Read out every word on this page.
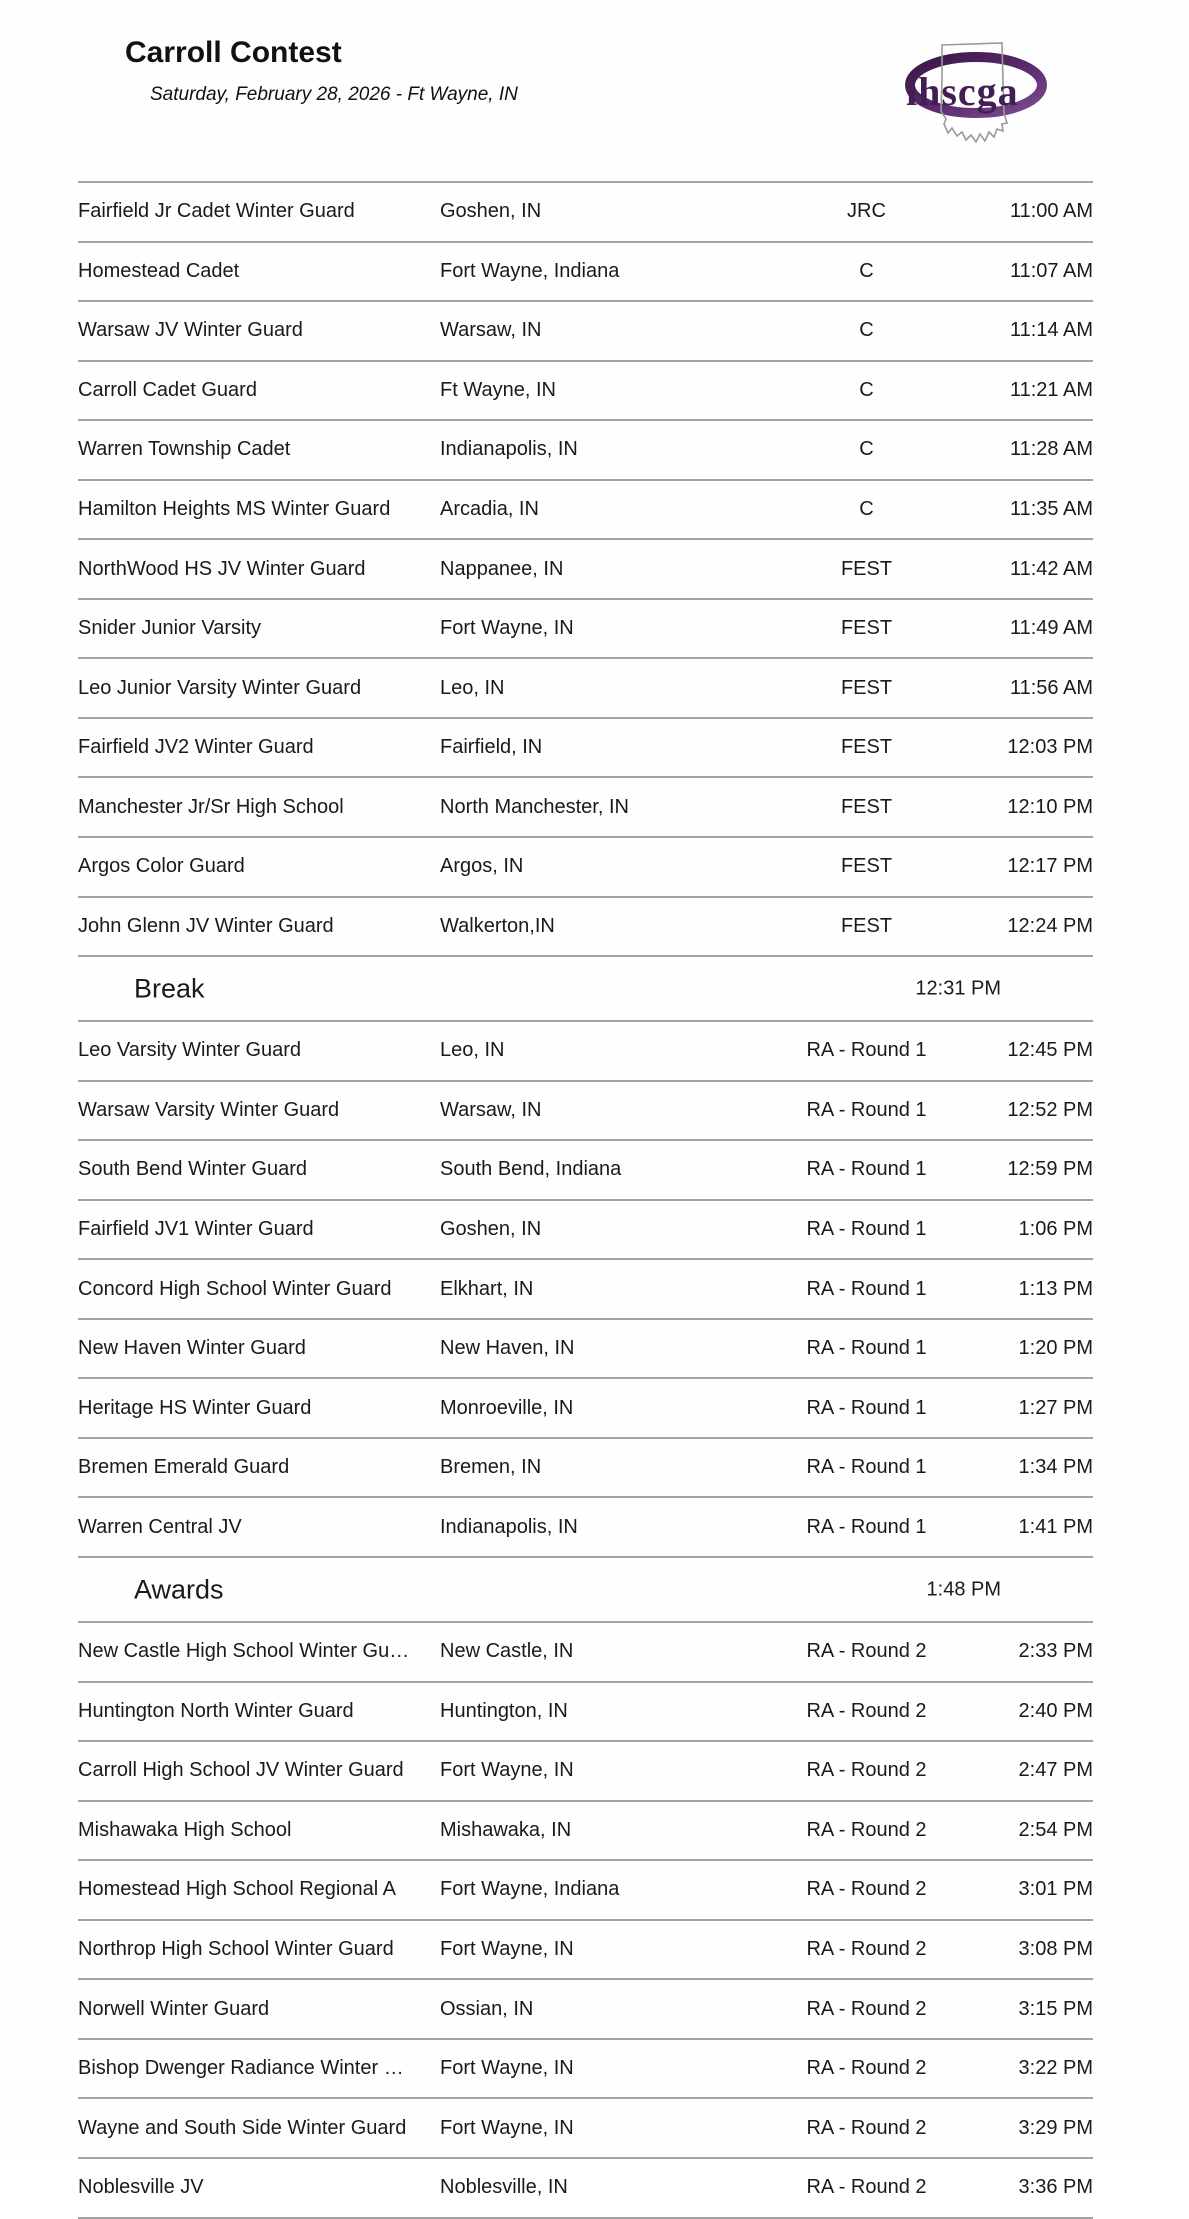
Carroll Contest
Saturday, February 28, 2026 - Ft Wayne, IN	ihscga
Fairfield Jr Cadet Winter Guard	Goshen, IN	JRC	11:00 AM
Homestead Cadet	Fort Wayne, Indiana	C	11:07 AM
Warsaw JV Winter Guard	Warsaw, IN	C	11:14 AM
Carroll Cadet Guard	Ft Wayne, IN	C	11:21 AM
Warren Township Cadet	Indianapolis, IN	C	11:28 AM
Hamilton Heights MS Winter Guard	Arcadia, IN	C	11:35 AM
NorthWood HS JV Winter Guard	Nappanee, IN	FEST	11:42 AM
Snider Junior Varsity	Fort Wayne, IN	FEST	11:49 AM
Leo Junior Varsity Winter Guard	Leo, IN	FEST	11:56 AM
Fairfield JV2 Winter Guard	Fairfield, IN	FEST	12:03 PM
Manchester Jr/Sr High School	North Manchester, IN	FEST	12:10 PM
Argos Color Guard	Argos, IN	FEST	12:17 PM
John Glenn JV Winter Guard	Walkerton,IN	FEST	12:24 PM
Break	12:31 PM
Leo Varsity Winter Guard	Leo, IN	RA - Round 1	12:45 PM
Warsaw Varsity Winter Guard	Warsaw, IN	RA - Round 1	12:52 PM
South Bend Winter Guard	South Bend, Indiana	RA - Round 1	12:59 PM
Fairfield JV1 Winter Guard	Goshen, IN	RA - Round 1	1:06 PM
Concord High School Winter Guard	Elkhart, IN	RA - Round 1	1:13 PM
New Haven Winter Guard	New Haven, IN	RA - Round 1	1:20 PM
Heritage HS Winter Guard	Monroeville, IN	RA - Round 1	1:27 PM
Bremen Emerald Guard	Bremen, IN	RA - Round 1	1:34 PM
Warren Central JV	Indianapolis, IN	RA - Round 1	1:41 PM
Awards	1:48 PM
New Castle High School Winter Gu…	New Castle, IN	RA - Round 2	2:33 PM
Huntington North Winter Guard	Huntington, IN	RA - Round 2	2:40 PM
Carroll High School JV Winter Guard	Fort Wayne, IN	RA - Round 2	2:47 PM
Mishawaka High School	Mishawaka, IN	RA - Round 2	2:54 PM
Homestead High School Regional A	Fort Wayne, Indiana	RA - Round 2	3:01 PM
Northrop High School Winter Guard	Fort Wayne, IN	RA - Round 2	3:08 PM
Norwell Winter Guard	Ossian, IN	RA - Round 2	3:15 PM
Bishop Dwenger Radiance Winter …	Fort Wayne, IN	RA - Round 2	3:22 PM
Wayne and South Side Winter Guard	Fort Wayne, IN	RA - Round 2	3:29 PM
Noblesville JV	Noblesville, IN	RA - Round 2	3:36 PM
